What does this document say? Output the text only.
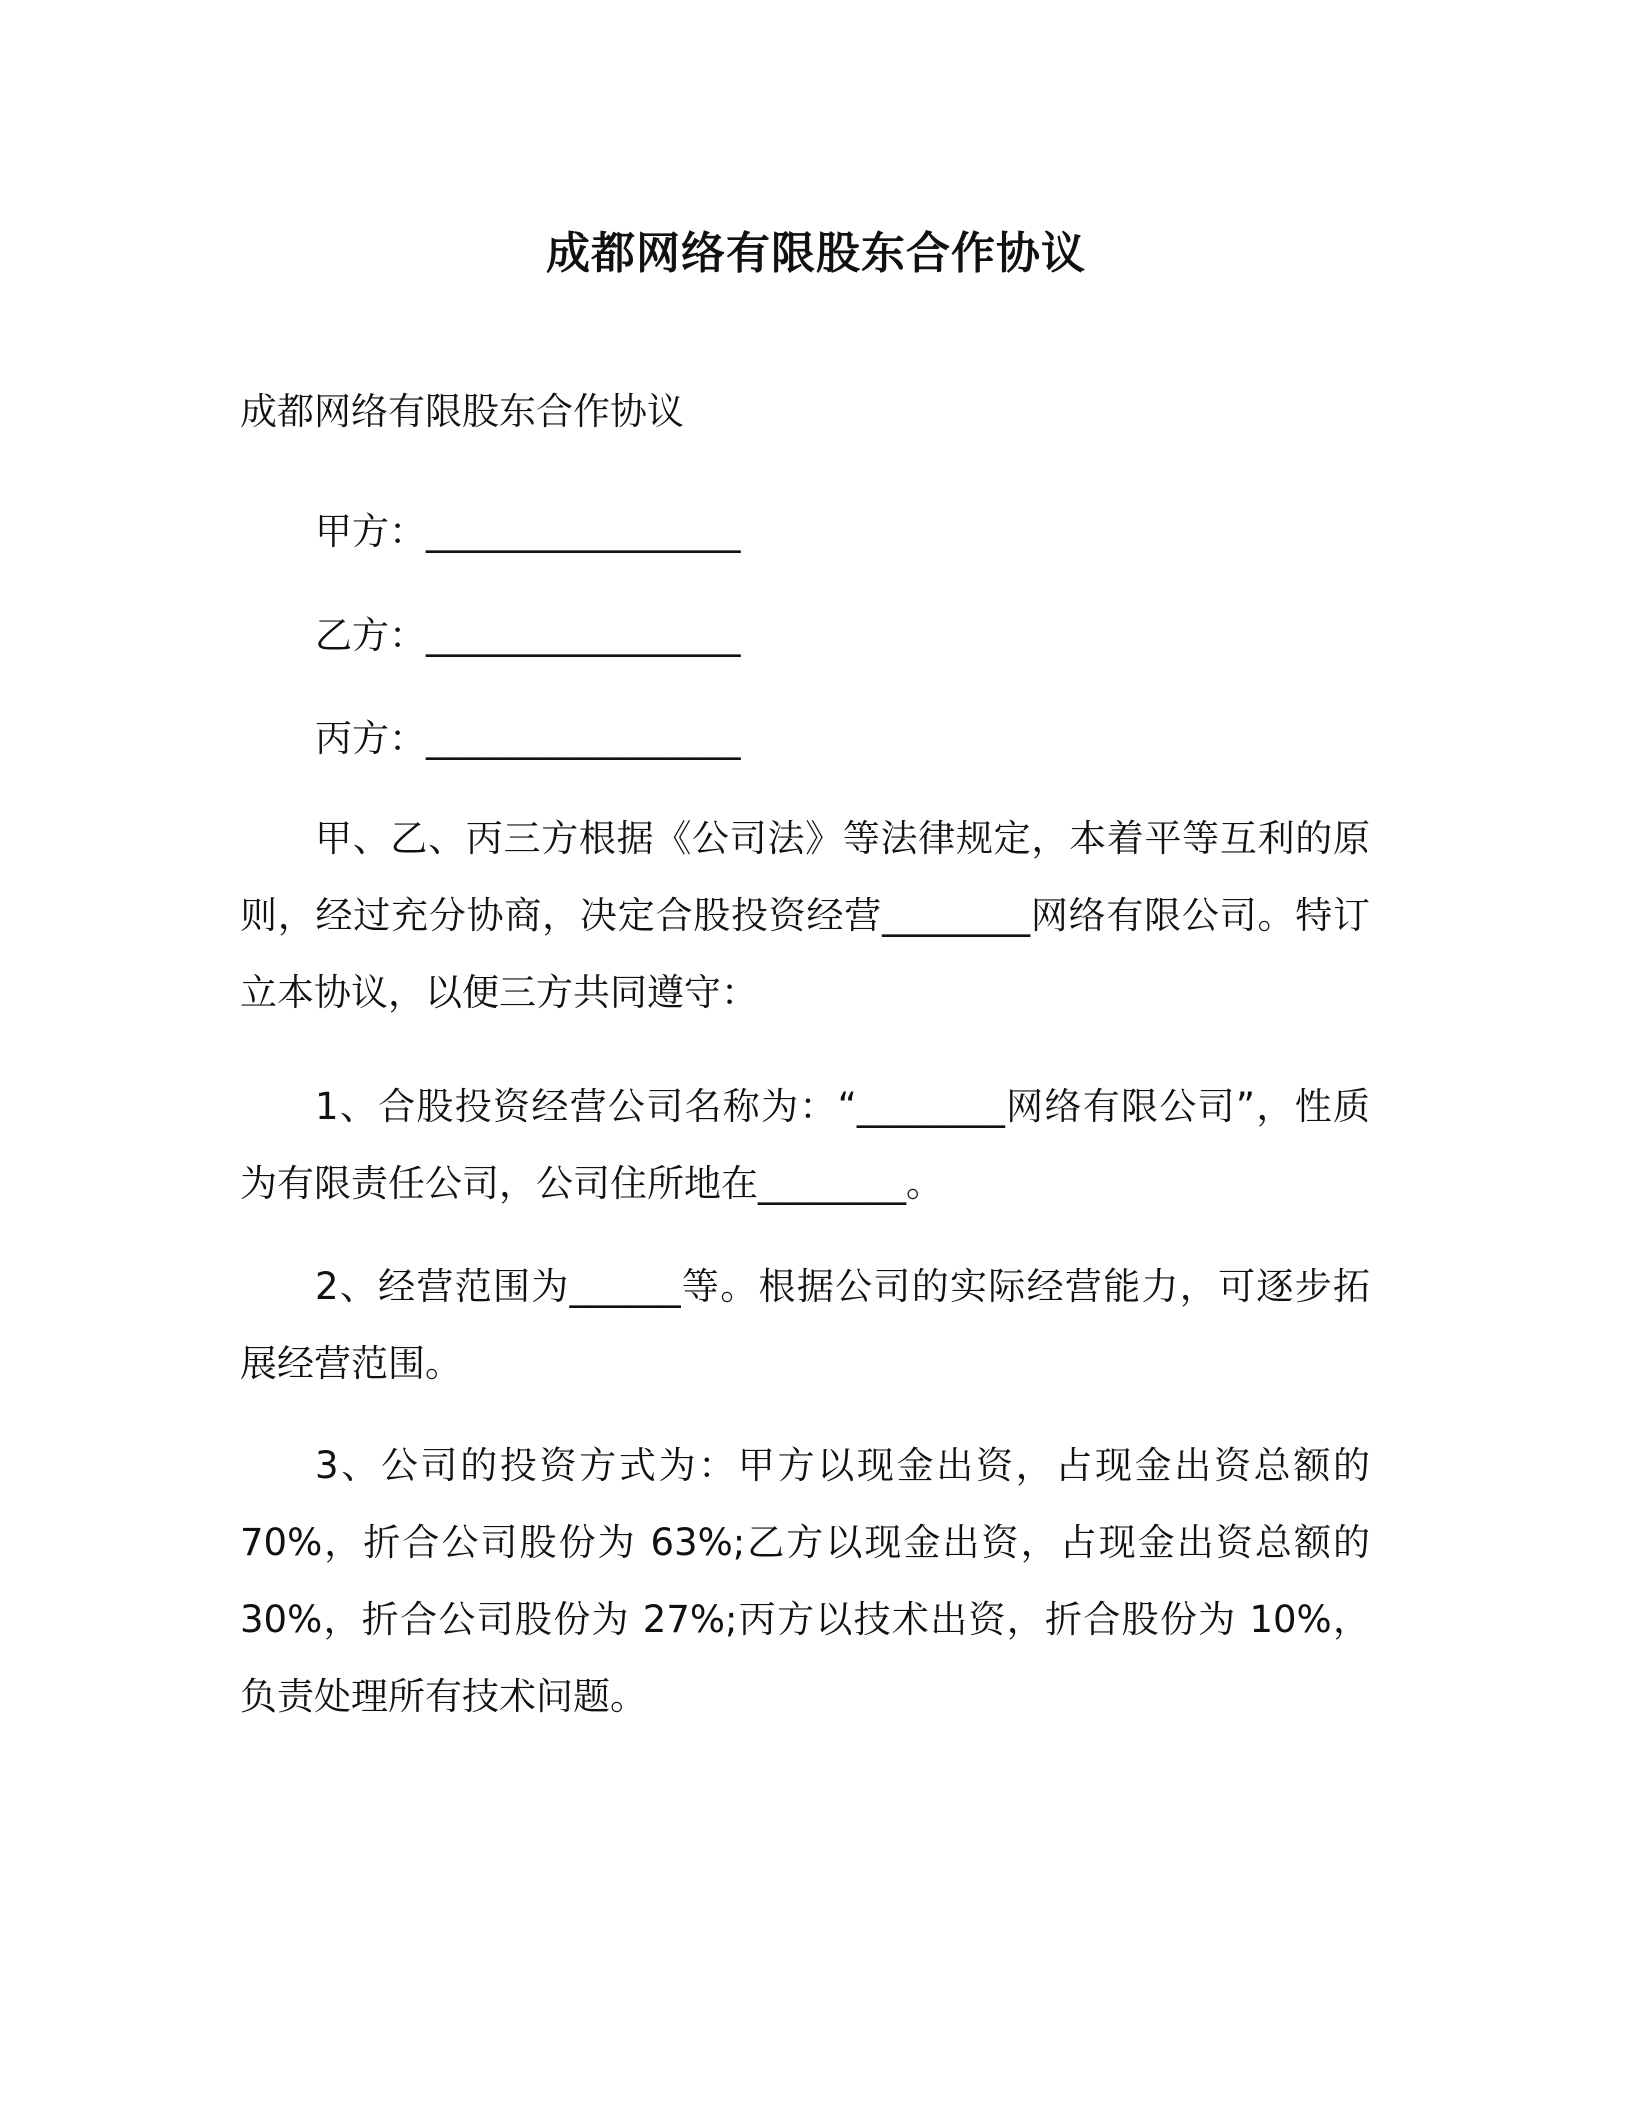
成都网络有限股东合作协议
成都网络有限股东合作协议
甲方：_________________
乙方：_________________
丙方：_________________
甲、乙、丙三方根据《公司法》等法律规定，本着平等互利的原则，经过充分协商，决定合股投资经营________网络有限公司。特订立本协议，以便三方共同遵守：
1、合股投资经营公司名称为：“________网络有限公司”，性质为有限责任公司，公司住所地在________。
2、经营范围为______等。根据公司的实际经营能力，可逐步拓展经营范围。
3、公司的投资方式为：甲方以现金出资，占现金出资总额的70%，折合公司股份为 63%;乙方以现金出资，占现金出资总额的30%，折合公司股份为 27%;丙方以技术出资，折合股份为 10%，负责处理所有技术问题。
